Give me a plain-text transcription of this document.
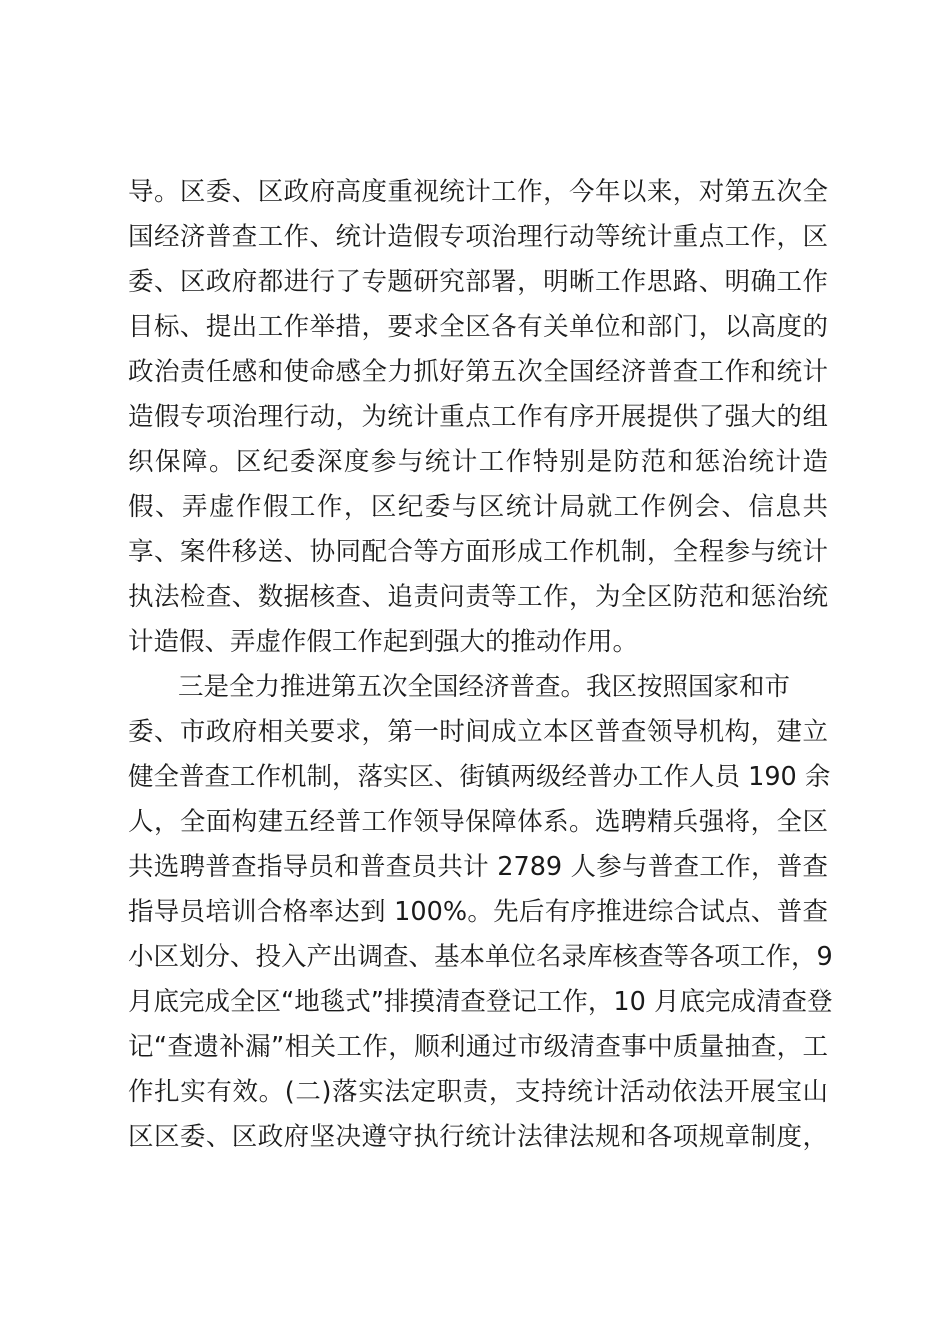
导。区委、区政府高度重视统计工作，今年以来，对第五次全
国经济普查工作、统计造假专项治理行动等统计重点工作，区
委、区政府都进行了专题研究部署，明晰工作思路、明确工作
目标、提出工作举措，要求全区各有关单位和部门，以高度的
政治责任感和使命感全力抓好第五次全国经济普查工作和统计
造假专项治理行动，为统计重点工作有序开展提供了强大的组
织保障。区纪委深度参与统计工作特别是防范和惩治统计造
假、弄虚作假工作，区纪委与区统计局就工作例会、信息共
享、案件移送、协同配合等方面形成工作机制，全程参与统计
执法检查、数据核查、追责问责等工作，为全区防范和惩治统
计造假、弄虚作假工作起到强大的推动作用。
三是全力推进第五次全国经济普查。我区按照国家和市
委、市政府相关要求，第一时间成立本区普查领导机构，建立
健全普查工作机制，落实区、街镇两级经普办工作人员 190 余
人，全面构建五经普工作领导保障体系。选聘精兵强将，全区
共选聘普查指导员和普查员共计 2789 人参与普查工作，普查
指导员培训合格率达到 100%。先后有序推进综合试点、普查
小区划分、投入产出调查、基本单位名录库核查等各项工作，9
月底完成全区“地毯式”排摸清查登记工作，10 月底完成清查登
记“查遗补漏”相关工作，顺利通过市级清查事中质量抽查，工
作扎实有效。(二)落实法定职责，支持统计活动依法开展宝山
区区委、区政府坚决遵守执行统计法律法规和各项规章制度，
